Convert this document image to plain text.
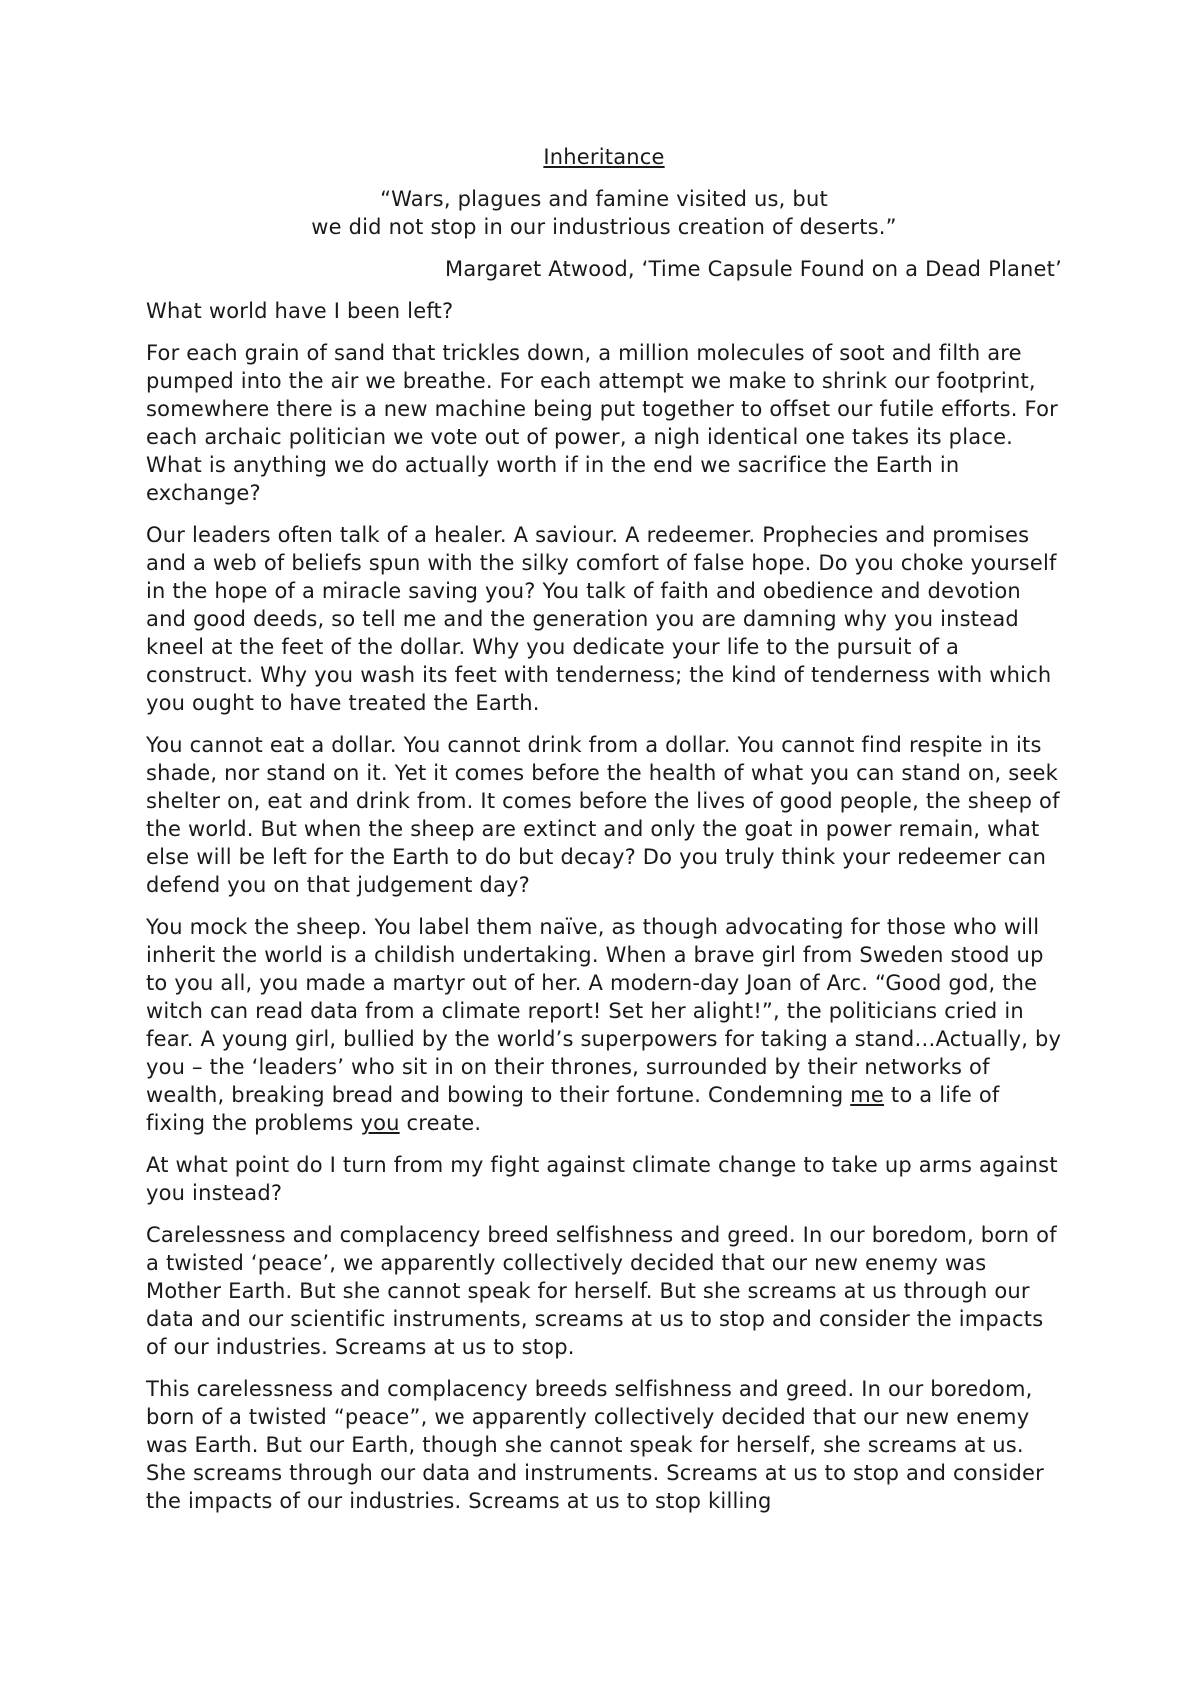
Inheritance
“Wars, plagues and famine visited us, but
we did not stop in our industrious creation of deserts.”
Margaret Atwood, ‘Time Capsule Found on a Dead Planet’

What world have I been left?

For each grain of sand that trickles down, a million molecules of soot and filth are pumped into the air we breathe. For each attempt we make to shrink our footprint, somewhere there is a new machine being put together to offset our futile efforts. For each archaic politician we vote out of power, a nigh identical one takes its place. What is anything we do actually worth if in the end we sacrifice the Earth in exchange?

Our leaders often talk of a healer. A saviour. A redeemer. Prophecies and promises and a web of beliefs spun with the silky comfort of false hope. Do you choke yourself in the hope of a miracle saving you? You talk of faith and obedience and devotion and good deeds, so tell me and the generation you are damning why you instead kneel at the feet of the dollar. Why you dedicate your life to the pursuit of a construct. Why you wash its feet with tenderness; the kind of tenderness with which you ought to have treated the Earth.

You cannot eat a dollar. You cannot drink from a dollar. You cannot find respite in its shade, nor stand on it. Yet it comes before the health of what you can stand on, seek shelter on, eat and drink from. It comes before the lives of good people, the sheep of the world. But when the sheep are extinct and only the goat in power remain, what else will be left for the Earth to do but decay? Do you truly think your redeemer can defend you on that judgement day?

You mock the sheep. You label them naïve, as though advocating for those who will inherit the world is a childish undertaking. When a brave girl from Sweden stood up to you all, you made a martyr out of her. A modern-day Joan of Arc. “Good god, the witch can read data from a climate report! Set her alight!”, the politicians cried in fear. A young girl, bullied by the world’s superpowers for taking a stand…Actually, by you – the ‘leaders’ who sit in on their thrones, surrounded by their networks of wealth, breaking bread and bowing to their fortune. Condemning me to a life of fixing the problems you create.

At what point do I turn from my fight against climate change to take up arms against you instead?

Carelessness and complacency breed selfishness and greed. In our boredom, born of a twisted ‘peace’, we apparently collectively decided that our new enemy was Mother Earth. But she cannot speak for herself. But she screams at us through our data and our scientific instruments, screams at us to stop and consider the impacts of our industries. Screams at us to stop.

This carelessness and complacency breeds selfishness and greed. In our boredom, born of a twisted “peace”, we apparently collectively decided that our new enemy was Earth. But our Earth, though she cannot speak for herself, she screams at us. She screams through our data and instruments. Screams at us to stop and consider the impacts of our industries. Screams at us to stop killing
